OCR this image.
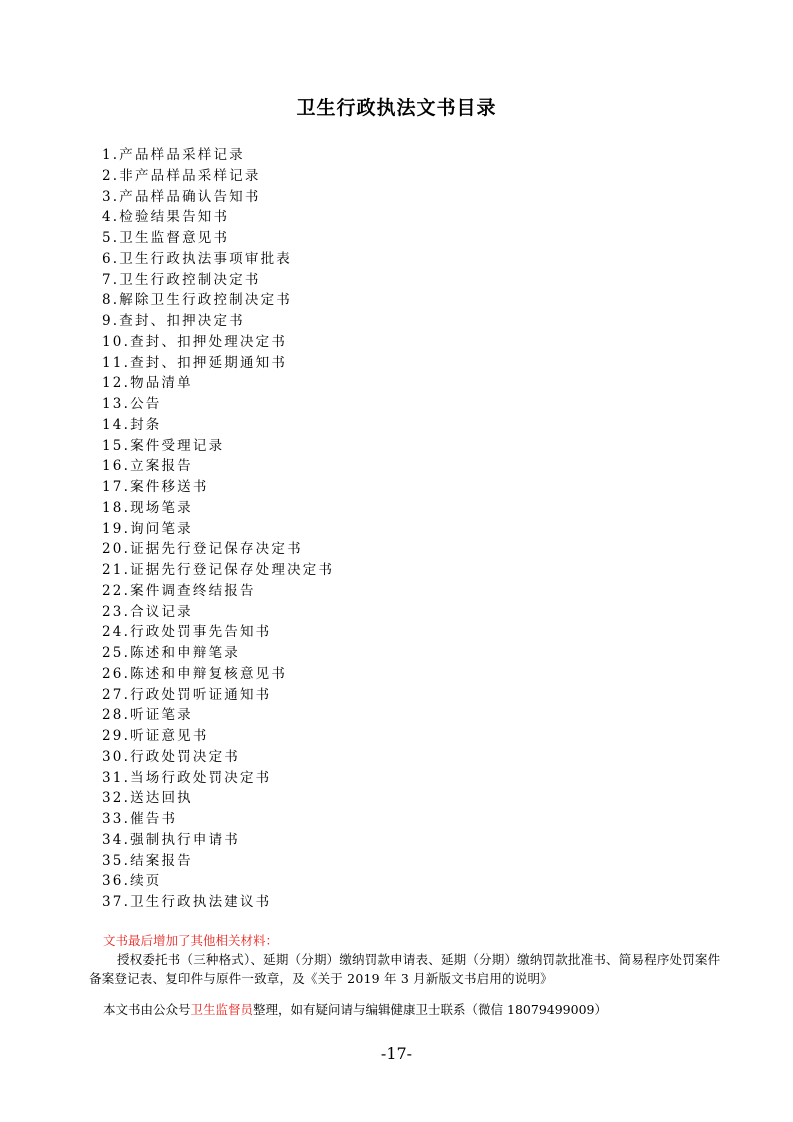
卫生行政执法文书目录
1.产品样品采样记录
2.非产品样品采样记录
3.产品样品确认告知书
4.检验结果告知书
5.卫生监督意见书
6.卫生行政执法事项审批表
7.卫生行政控制决定书
8.解除卫生行政控制决定书
9.查封、扣押决定书
10.查封、扣押处理决定书
11.查封、扣押延期通知书
12.物品清单
13.公告
14.封条
15.案件受理记录
16.立案报告
17.案件移送书
18.现场笔录
19.询问笔录
20.证据先行登记保存决定书
21.证据先行登记保存处理决定书
22.案件调查终结报告
23.合议记录
24.行政处罚事先告知书
25.陈述和申辩笔录
26.陈述和申辩复核意见书
27.行政处罚听证通知书
28.听证笔录
29.听证意见书
30.行政处罚决定书
31.当场行政处罚决定书
32.送达回执
33.催告书
34.强制执行申请书
35.结案报告
36.续页
37.卫生行政执法建议书
文书最后增加了其他相关材料：
授权委托书（三种格式）、延期（分期）缴纳罚款申请表、延期（分期）缴纳罚款批准书、简易程序处罚案件备案登记表、复印件与原件一致章，及《关于 2019 年 3 月新版文书启用的说明》
本文书由公众号卫生监督员整理，如有疑问请与编辑健康卫士联系（微信 18079499009）
-17-
